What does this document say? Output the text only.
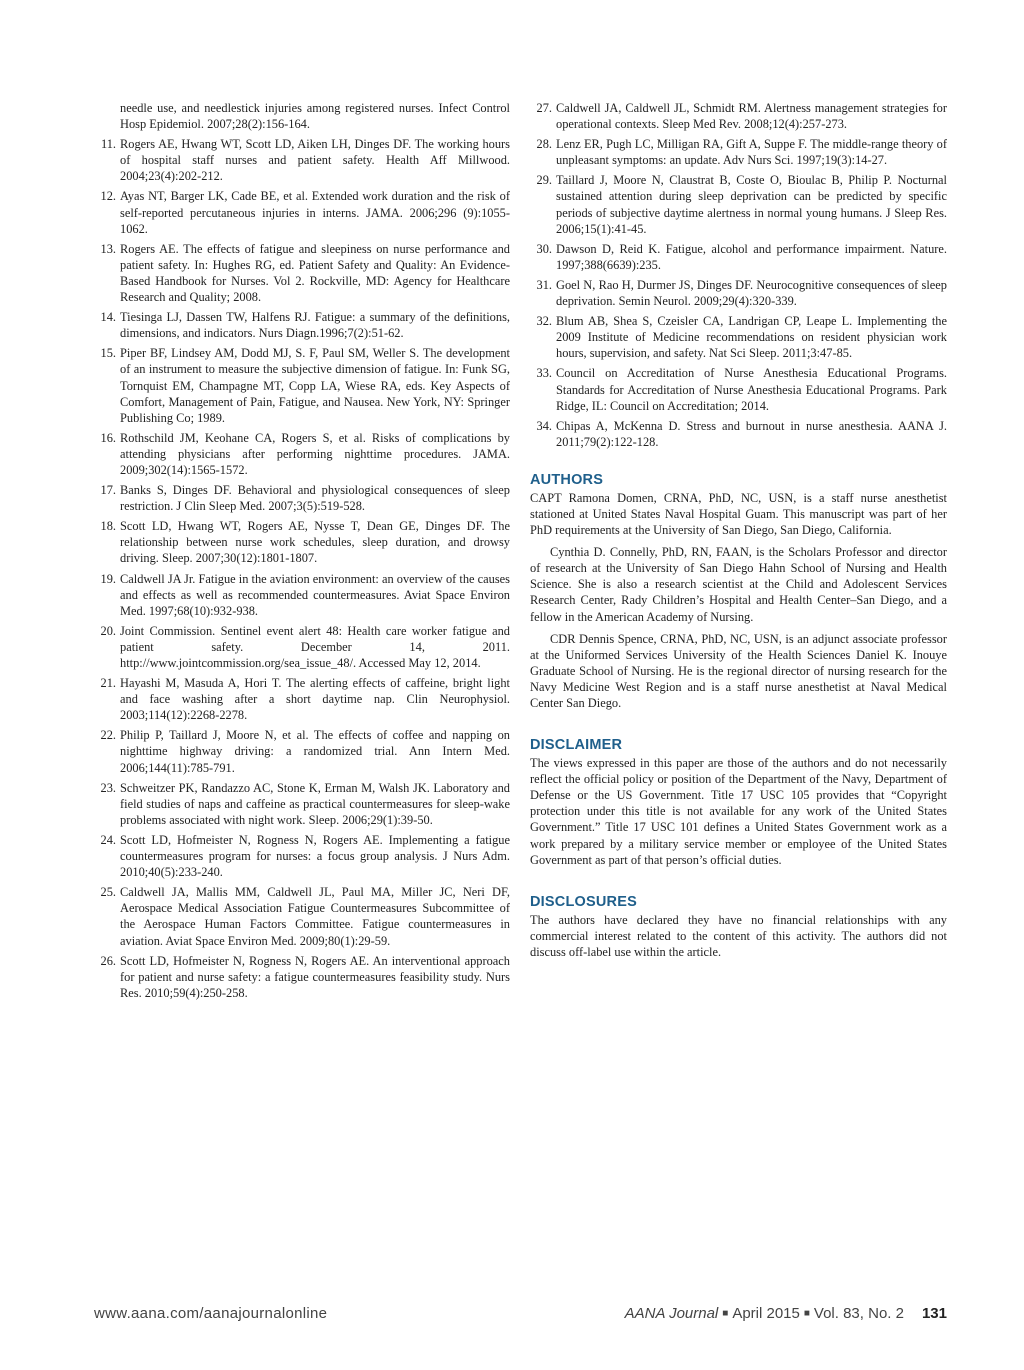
needle use, and needlestick injuries among registered nurses. Infect Control Hosp Epidemiol. 2007;28(2):156-164.
11. Rogers AE, Hwang WT, Scott LD, Aiken LH, Dinges DF. The working hours of hospital staff nurses and patient safety. Health Aff Millwood. 2004;23(4):202-212.
12. Ayas NT, Barger LK, Cade BE, et al. Extended work duration and the risk of self-reported percutaneous injuries in interns. JAMA. 2006;296 (9):1055-1062.
13. Rogers AE. The effects of fatigue and sleepiness on nurse performance and patient safety. In: Hughes RG, ed. Patient Safety and Quality: An Evidence-Based Handbook for Nurses. Vol 2. Rockville, MD: Agency for Healthcare Research and Quality; 2008.
14. Tiesinga LJ, Dassen TW, Halfens RJ. Fatigue: a summary of the definitions, dimensions, and indicators. Nurs Diagn.1996;7(2):51-62.
15. Piper BF, Lindsey AM, Dodd MJ, S. F, Paul SM, Weller S. The development of an instrument to measure the subjective dimension of fatigue. In: Funk SG, Tornquist EM, Champagne MT, Copp LA, Wiese RA, eds. Key Aspects of Comfort, Management of Pain, Fatigue, and Nausea. New York, NY: Springer Publishing Co; 1989.
16. Rothschild JM, Keohane CA, Rogers S, et al. Risks of complications by attending physicians after performing nighttime procedures. JAMA. 2009;302(14):1565-1572.
17. Banks S, Dinges DF. Behavioral and physiological consequences of sleep restriction. J Clin Sleep Med. 2007;3(5):519-528.
18. Scott LD, Hwang WT, Rogers AE, Nysse T, Dean GE, Dinges DF. The relationship between nurse work schedules, sleep duration, and drowsy driving. Sleep. 2007;30(12):1801-1807.
19. Caldwell JA Jr. Fatigue in the aviation environment: an overview of the causes and effects as well as recommended countermeasures. Aviat Space Environ Med. 1997;68(10):932-938.
20. Joint Commission. Sentinel event alert 48: Health care worker fatigue and patient safety. December 14, 2011. http://www.jointcommission.org/sea_issue_48/. Accessed May 12, 2014.
21. Hayashi M, Masuda A, Hori T. The alerting effects of caffeine, bright light and face washing after a short daytime nap. Clin Neurophysiol. 2003;114(12):2268-2278.
22. Philip P, Taillard J, Moore N, et al. The effects of coffee and napping on nighttime highway driving: a randomized trial. Ann Intern Med. 2006;144(11):785-791.
23. Schweitzer PK, Randazzo AC, Stone K, Erman M, Walsh JK. Laboratory and field studies of naps and caffeine as practical countermeasures for sleep-wake problems associated with night work. Sleep. 2006;29(1):39-50.
24. Scott LD, Hofmeister N, Rogness N, Rogers AE. Implementing a fatigue countermeasures program for nurses: a focus group analysis. J Nurs Adm. 2010;40(5):233-240.
25. Caldwell JA, Mallis MM, Caldwell JL, Paul MA, Miller JC, Neri DF, Aerospace Medical Association Fatigue Countermeasures Subcommittee of the Aerospace Human Factors Committee. Fatigue countermeasures in aviation. Aviat Space Environ Med. 2009;80(1):29-59.
26. Scott LD, Hofmeister N, Rogness N, Rogers AE. An interventional approach for patient and nurse safety: a fatigue countermeasures feasibility study. Nurs Res. 2010;59(4):250-258.
27. Caldwell JA, Caldwell JL, Schmidt RM. Alertness management strategies for operational contexts. Sleep Med Rev. 2008;12(4):257-273.
28. Lenz ER, Pugh LC, Milligan RA, Gift A, Suppe F. The middle-range theory of unpleasant symptoms: an update. Adv Nurs Sci. 1997;19(3):14-27.
29. Taillard J, Moore N, Claustrat B, Coste O, Bioulac B, Philip P. Nocturnal sustained attention during sleep deprivation can be predicted by specific periods of subjective daytime alertness in normal young humans. J Sleep Res. 2006;15(1):41-45.
30. Dawson D, Reid K. Fatigue, alcohol and performance impairment. Nature. 1997;388(6639):235.
31. Goel N, Rao H, Durmer JS, Dinges DF. Neurocognitive consequences of sleep deprivation. Semin Neurol. 2009;29(4):320-339.
32. Blum AB, Shea S, Czeisler CA, Landrigan CP, Leape L. Implementing the 2009 Institute of Medicine recommendations on resident physician work hours, supervision, and safety. Nat Sci Sleep. 2011;3:47-85.
33. Council on Accreditation of Nurse Anesthesia Educational Programs. Standards for Accreditation of Nurse Anesthesia Educational Programs. Park Ridge, IL: Council on Accreditation; 2014.
34. Chipas A, McKenna D. Stress and burnout in nurse anesthesia. AANA J. 2011;79(2):122-128.
AUTHORS

CAPT Ramona Domen, CRNA, PhD, NC, USN, is a staff nurse anesthetist stationed at United States Naval Hospital Guam. This manuscript was part of her PhD requirements at the University of San Diego, San Diego, California.

Cynthia D. Connelly, PhD, RN, FAAN, is the Scholars Professor and director of research at the University of San Diego Hahn School of Nursing and Health Science. She is also a research scientist at the Child and Adolescent Services Research Center, Rady Children’s Hospital and Health Center–San Diego, and a fellow in the American Academy of Nursing.

CDR Dennis Spence, CRNA, PhD, NC, USN, is an adjunct associate professor at the Uniformed Services University of the Health Sciences Daniel K. Inouye Graduate School of Nursing. He is the regional director of nursing research for the Navy Medicine West Region and is a staff nurse anesthetist at Naval Medical Center San Diego.

DISCLAIMER

The views expressed in this paper are those of the authors and do not necessarily reflect the official policy or position of the Department of the Navy, Department of Defense or the US Government. Title 17 USC 105 provides that “Copyright protection under this title is not available for any work of the United States Government.” Title 17 USC 101 defines a United States Government work as a work prepared by a military service member or employee of the United States Government as part of that person’s official duties.

DISCLOSURES

The authors have declared they have no financial relationships with any commercial interest related to the content of this activity. The authors did not discuss off-label use within the article.

www.aana.com/aanajournalonline	AANA Journal ■ April 2015 ■ Vol. 83, No. 2 131
